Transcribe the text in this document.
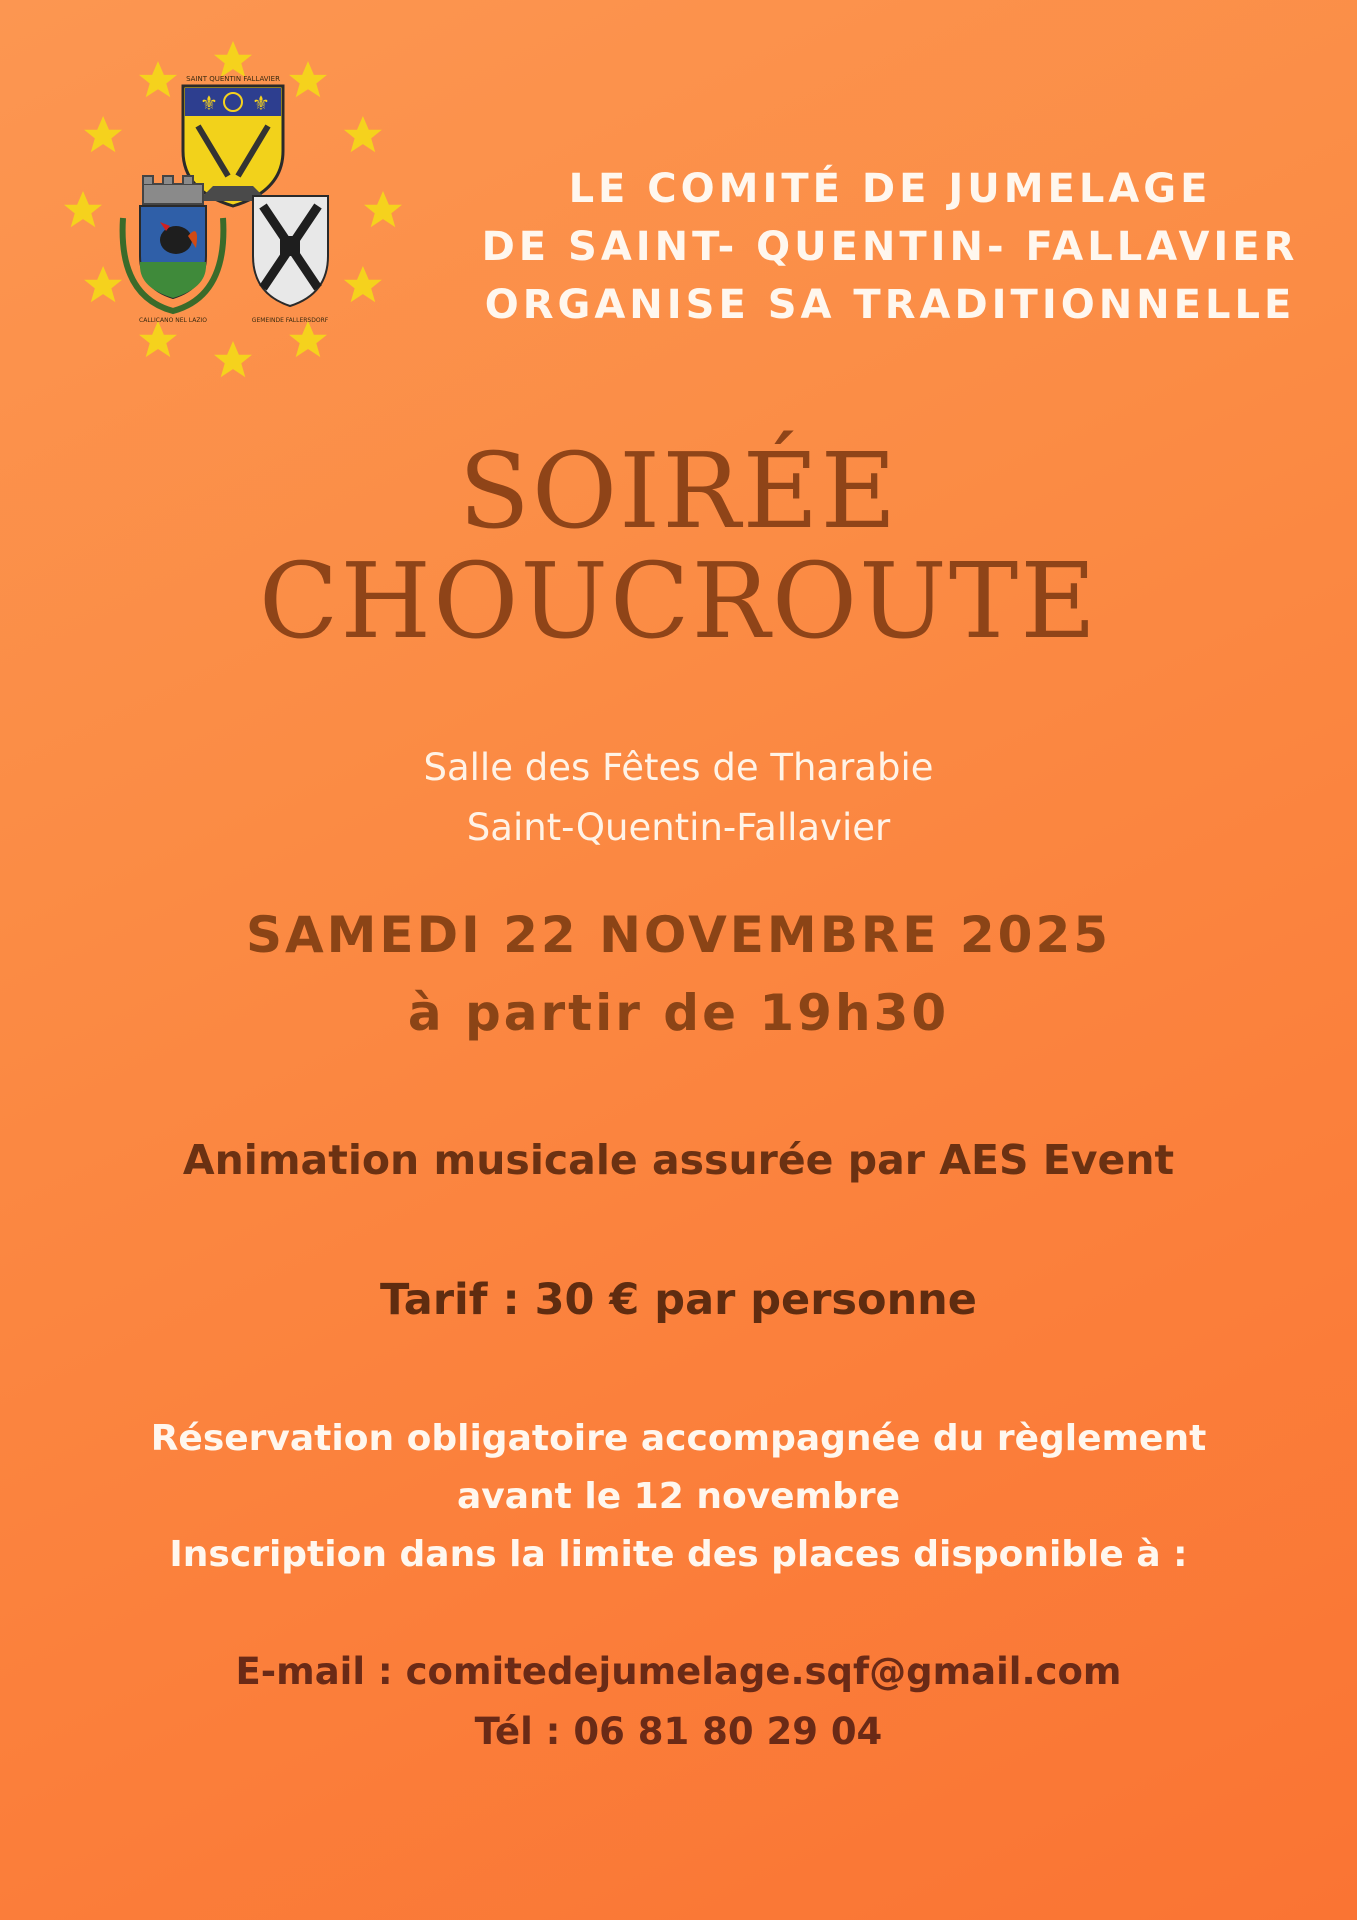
SAINT QUENTIN FALLAVIER
⚜ ⚜
CALLICANO NEL LAZIO	GEMEINDE FALLERSDORF
LE COMITÉ DE JUMELAGE
DE SAINT- QUENTIN- FALLAVIER
ORGANISE SA TRADITIONNELLE
SOIRÉE
CHOUCROUTE
Salle des Fêtes de Tharabie
Saint-Quentin-Fallavier
SAMEDI 22 NOVEMBRE 2025
à partir de 19h30
Animation musicale assurée par AES Event
Tarif : 30 € par personne
Réservation obligatoire accompagnée du règlement
avant le 12 novembre
Inscription dans la limite des places disponible à :
E-mail : comitedejumelage.sqf@gmail.com
Tél : 06 81 80 29 04
